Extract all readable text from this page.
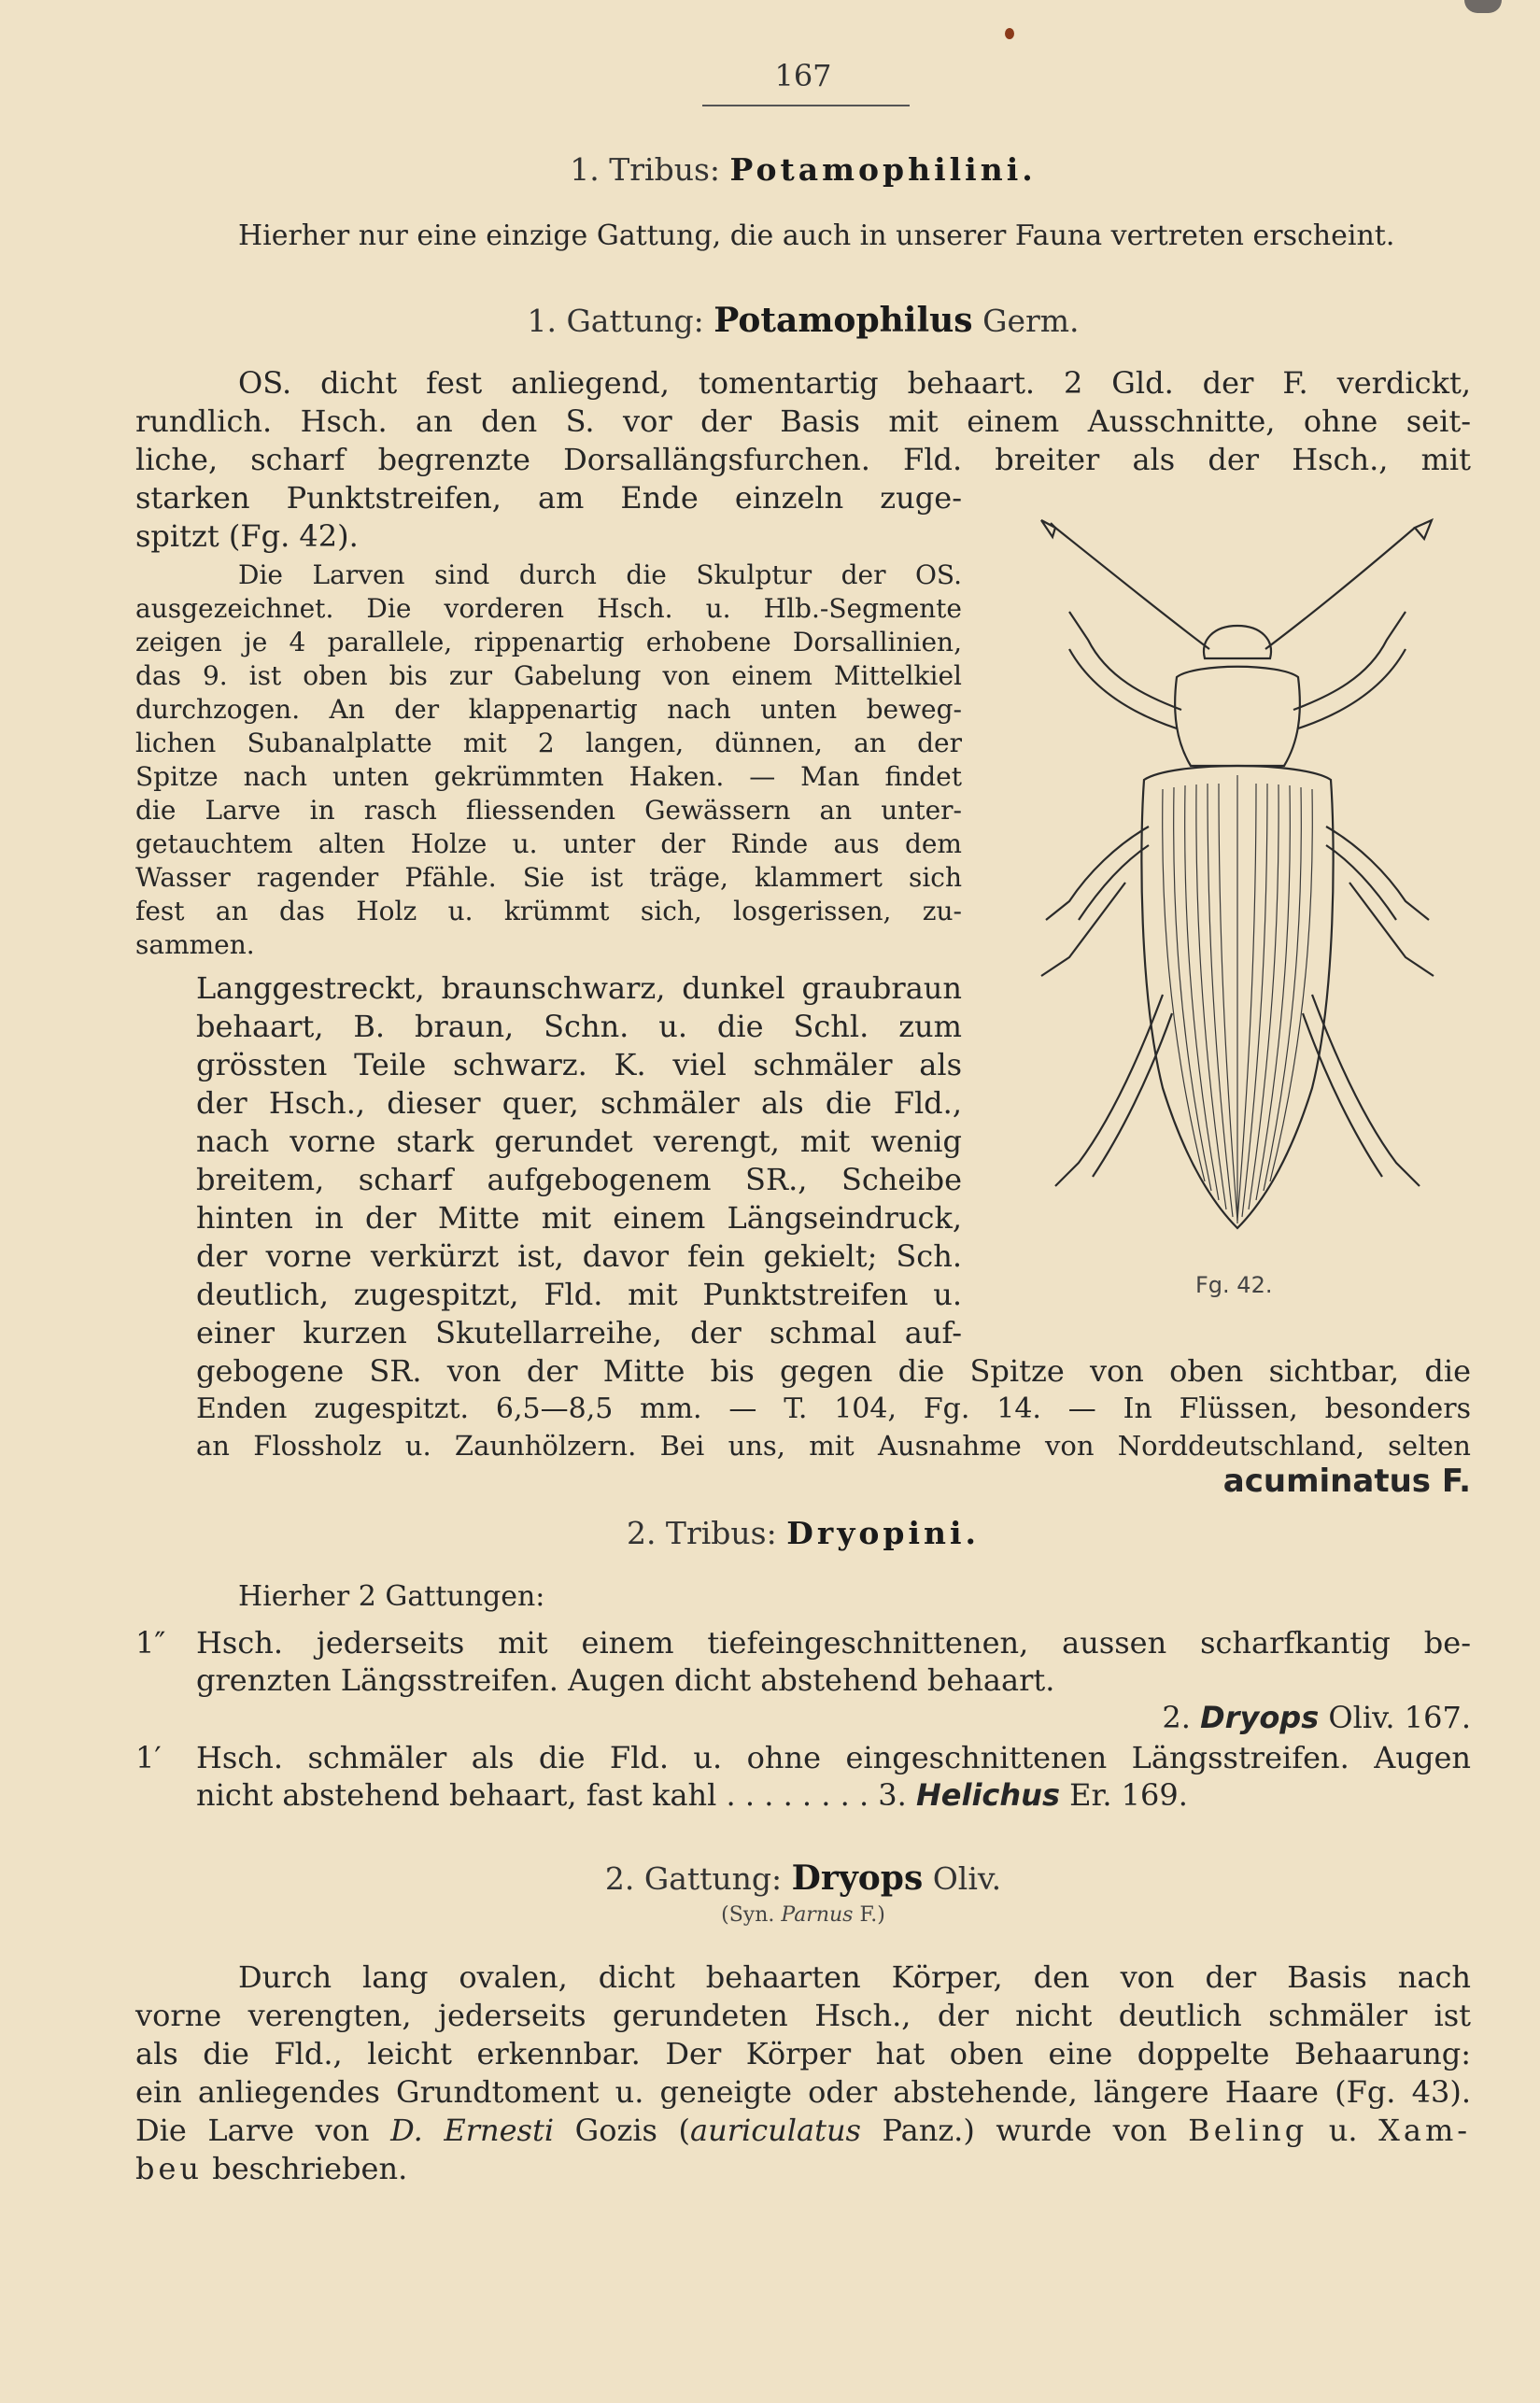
167
1. Tribus: Potamophilini.
Hierher nur eine einzige Gattung, die auch in unserer Fauna vertreten erscheint.
1. Gattung: Potamophilus Germ.
OS. dicht fest anliegend, tomentartig behaart. 2 Gld. der F. verdickt,
rundlich. Hsch. an den S. vor der Basis mit einem Ausschnitte, ohne seit-
liche, scharf begrenzte Dorsallängsfurchen. Fld. breiter als der Hsch., mit
starken Punktstreifen, am Ende einzeln zuge-
spitzt (Fg. 42).
Die Larven sind durch die Skulptur der OS.
ausgezeichnet. Die vorderen Hsch. u. Hlb.-Segmente
zeigen je 4 parallele, rippenartig erhobene Dorsallinien,
das 9. ist oben bis zur Gabelung von einem Mittelkiel
durchzogen. An der klappenartig nach unten beweg-
lichen Subanalplatte mit 2 langen, dünnen, an der
Spitze nach unten gekrümmten Haken. — Man findet
die Larve in rasch fliessenden Gewässern an unter-
getauchtem alten Holze u. unter der Rinde aus dem
Wasser ragender Pfähle. Sie ist träge, klammert sich
fest an das Holz u. krümmt sich, losgerissen, zu-
sammen.
Langgestreckt, braunschwarz, dunkel graubraun
behaart, B. braun, Schn. u. die Schl. zum
grössten Teile schwarz. K. viel schmäler als
der Hsch., dieser quer, schmäler als die Fld.,
nach vorne stark gerundet verengt, mit wenig
breitem, scharf aufgebogenem SR., Scheibe
hinten in der Mitte mit einem Längseindruck,
der vorne verkürzt ist, davor fein gekielt; Sch.
deutlich, zugespitzt, Fld. mit Punktstreifen u.
einer kurzen Skutellarreihe, der schmal auf-
gebogene SR. von der Mitte bis gegen die Spitze von oben sichtbar, die
Enden zugespitzt. 6,5—8,5 mm. — T. 104, Fg. 14. — In Flüssen, besonders
an Flossholz u. Zaunhölzern. Bei uns, mit Ausnahme von Norddeutschland, selten
acuminatus F.
Fg. 42.
2. Tribus: Dryopini.
Hierher 2 Gattungen:
1″ Hsch. jederseits mit einem tiefeingeschnittenen, aussen scharfkantig be-
grenzten Längsstreifen. Augen dicht abstehend behaart.
2. Dryops Oliv. 167.
1′ Hsch. schmäler als die Fld. u. ohne eingeschnittenen Längsstreifen. Augen
nicht abstehend behaart, fast kahl . . . . . . . . 3. Helichus Er. 169.
2. Gattung: Dryops Oliv.
(Syn. Parnus F.)
Durch lang ovalen, dicht behaarten Körper, den von der Basis nach
vorne verengten, jederseits gerundeten Hsch., der nicht deutlich schmäler ist
als die Fld., leicht erkennbar. Der Körper hat oben eine doppelte Behaarung:
ein anliegendes Grundtoment u. geneigte oder abstehende, längere Haare (Fg. 43).
Die Larve von D. Ernesti Gozis (auriculatus Panz.) wurde von Beling u. Xam-
beu beschrieben.
